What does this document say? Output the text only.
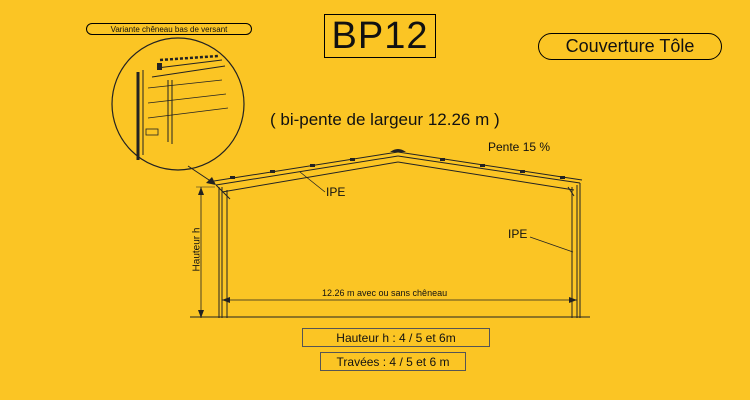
BP12	Couverture Tôle
Variante chêneau bas de versant
( bi-pente de largeur 12.26 m )
Pente 15 %
IPE
IPE
Hauteur h
12.26 m avec ou sans chêneau
Hauteur h : 4 / 5 et 6m
Travées : 4 / 5 et 6 m
